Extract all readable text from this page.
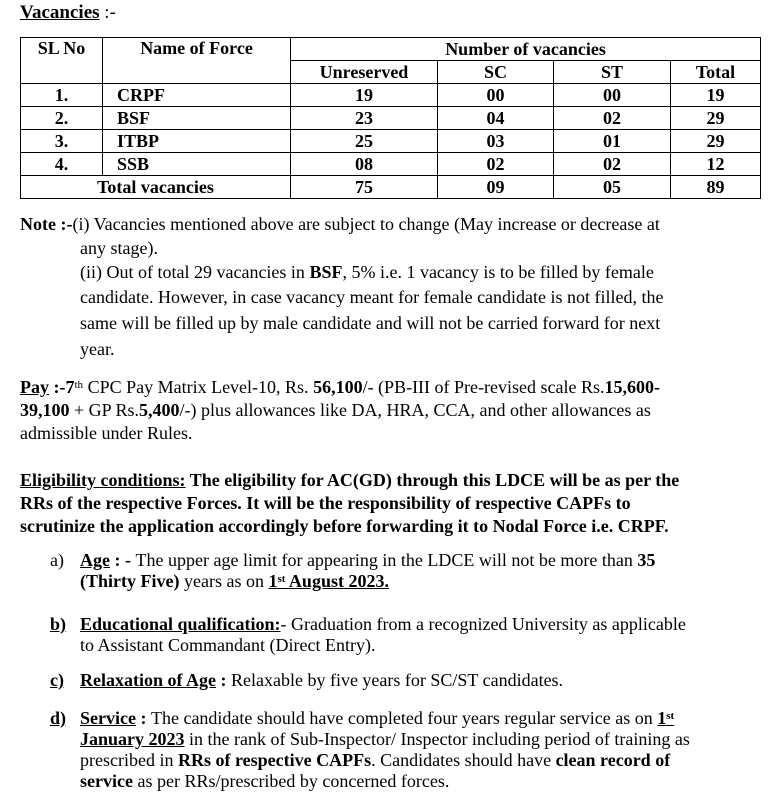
Vacancies :-
SL No	Name of Force	Number of vacancies			
		Unreserved	SC	ST	Total
1.	CRPF	19	00	00	19
2.	BSF	23	04	02	29
3.	ITBP	25	03	01	29
4.	SSB	08	02	02	12
Total vacancies		75	09	05	89
Note :-(i) Vacancies mentioned above are subject to change (May increase or decrease at
any stage).
(ii) Out of total 29 vacancies in BSF, 5% i.e. 1 vacancy is to be filled by female
candidate. However, in case vacancy meant for female candidate is not filled, the
same will be filled up by male candidate and will not be carried forward for next
year.
Pay :-7th CPC Pay Matrix Level-10, Rs. 56,100/- (PB-III of Pre-revised scale Rs.15,600-
39,100 + GP Rs.5,400/-) plus allowances like DA, HRA, CCA, and other allowances as
admissible under Rules.
Eligibility conditions: The eligibility for AC(GD) through this LDCE will be as per the
RRs of the respective Forces. It will be the responsibility of respective CAPFs to
scrutinize the application accordingly before forwarding it to Nodal Force i.e. CRPF.
a) Age : - The upper age limit for appearing in the LDCE will not be more than 35
(Thirty Five) years as on 1st August 2023.
b) Educational qualification:- Graduation from a recognized University as applicable
to Assistant Commandant (Direct Entry).
c) Relaxation of Age : Relaxable by five years for SC/ST candidates.
d) Service : The candidate should have completed four years regular service as on 1st
January 2023 in the rank of Sub-Inspector/ Inspector including period of training as
prescribed in RRs of respective CAPFs. Candidates should have clean record of
service as per RRs/prescribed by concerned forces.
